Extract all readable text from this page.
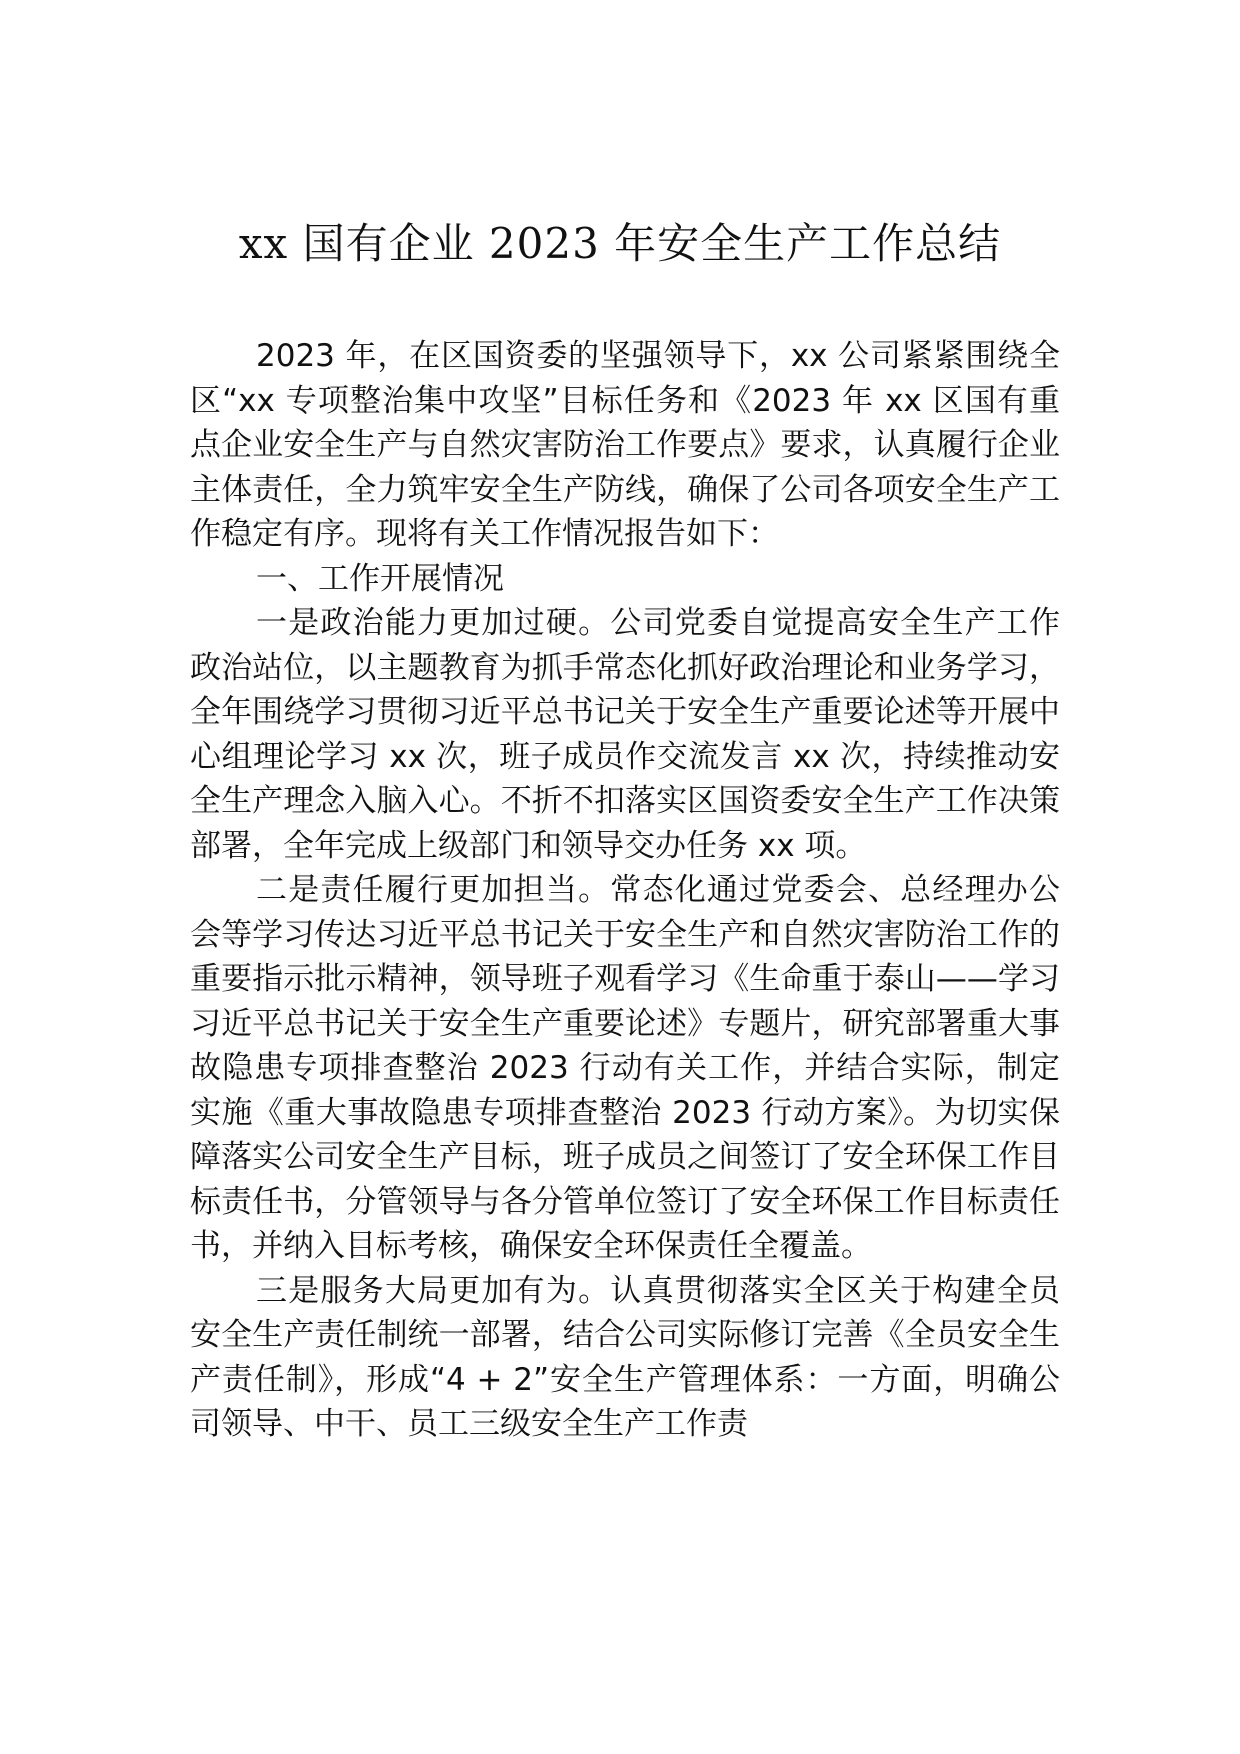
xx 国有企业 2023 年安全生产工作总结

2023 年，在区国资委的坚强领导下，xx 公司紧紧围绕全区“xx 专项整治集中攻坚”目标任务和《2023 年 xx 区国有重点企业安全生产与自然灾害防治工作要点》要求，认真履行企业主体责任，全力筑牢安全生产防线，确保了公司各项安全生产工作稳定有序。现将有关工作情况报告如下：

一、工作开展情况

一是政治能力更加过硬。公司党委自觉提高安全生产工作政治站位，以主题教育为抓手常态化抓好政治理论和业务学习，全年围绕学习贯彻习近平总书记关于安全生产重要论述等开展中心组理论学习 xx 次，班子成员作交流发言 xx 次，持续推动安全生产理念入脑入心。不折不扣落实区国资委安全生产工作决策部署，全年完成上级部门和领导交办任务 xx 项。

二是责任履行更加担当。常态化通过党委会、总经理办公会等学习传达习近平总书记关于安全生产和自然灾害防治工作的重要指示批示精神，领导班子观看学习《生命重于泰山——学习习近平总书记关于安全生产重要论述》专题片，研究部署重大事故隐患专项排查整治 2023 行动有关工作，并结合实际，制定实施《重大事故隐患专项排查整治 2023 行动方案》。为切实保障落实公司安全生产目标，班子成员之间签订了安全环保工作目标责任书，分管领导与各分管单位签订了安全环保工作目标责任书，并纳入目标考核，确保安全环保责任全覆盖。

三是服务大局更加有为。认真贯彻落实全区关于构建全员安全生产责任制统一部署，结合公司实际修订完善《全员安全生产责任制》，形成“4 + 2”安全生产管理体系：一方面，明确公司领导、中干、员工三级安全生产工作责
